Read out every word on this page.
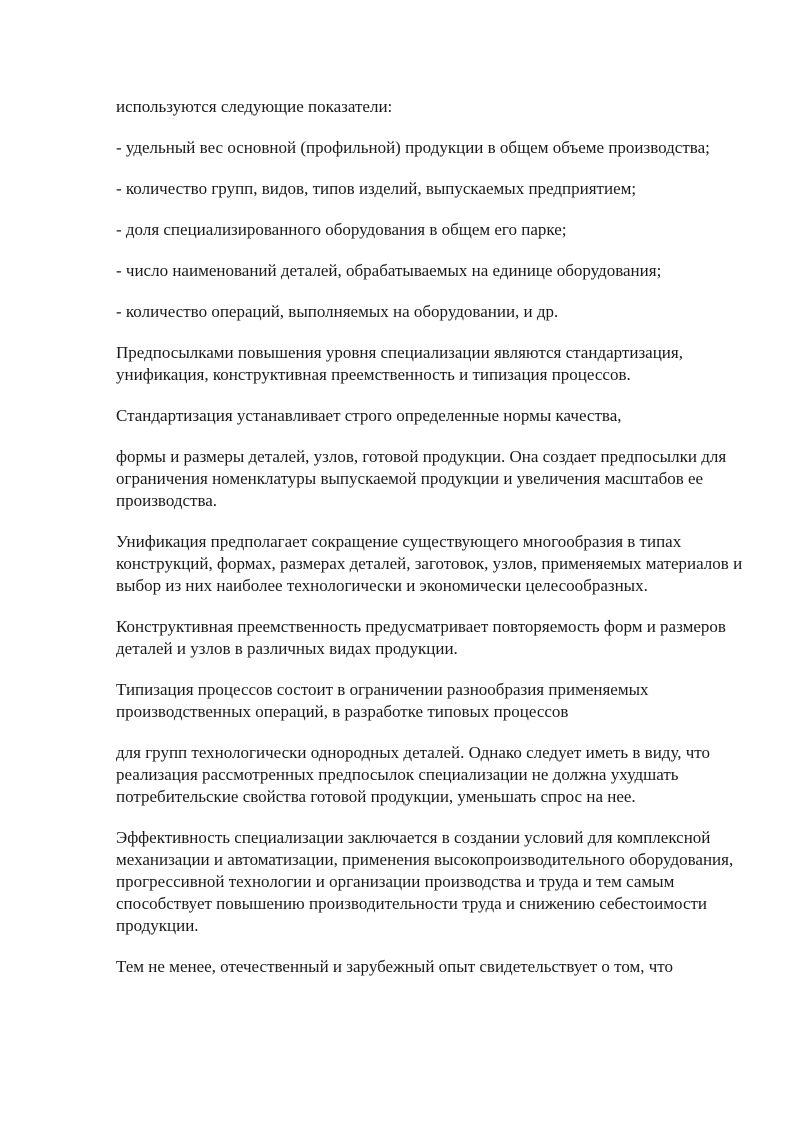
используются следующие показатели:

- удельный вес основной (профильной) продукции в общем объеме производства;

- количество групп, видов, типов изделий, выпускаемых предприятием;

- доля специализированного оборудования в общем его парке;

- число наименований деталей, обрабатываемых на единице оборудования;

- количество операций, выполняемых на оборудовании, и др.

Предпосылками повышения уровня специализации являются стандартизация, унификация, конструктивная преемственность и типизация процессов.

Стандартизация устанавливает строго определенные нормы качества,

формы и размеры деталей, узлов, готовой продукции. Она создает предпосылки для ограничения номенклатуры выпускаемой продукции и увеличения масштабов ее производства.

Унификация предполагает сокращение существующего многообразия в типах конструкций, формах, размерах деталей, заготовок, узлов, применяемых материалов и выбор из них наиболее технологически и экономически целесообразных.

Конструктивная преемственность предусматривает повторяемость форм и размеров деталей и узлов в различных видах продукции.

Типизация процессов состоит в ограничении разнообразия применяемых производственных операций, в разработке типовых процессов

для групп технологически однородных деталей. Однако следует иметь в виду, что реализация рассмотренных предпосылок специализации не должна ухудшать потребительские свойства готовой продукции, уменьшать спрос на нее.

Эффективность специализации заключается в создании условий для комплексной механизации и автоматизации, применения высокопроизводительного оборудования, прогрессивной технологии и организации производства и труда и тем самым способствует повышению производительности труда и снижению себестоимости продукции.

Тем не менее, отечественный и зарубежный опыт свидетельствует о том, что
